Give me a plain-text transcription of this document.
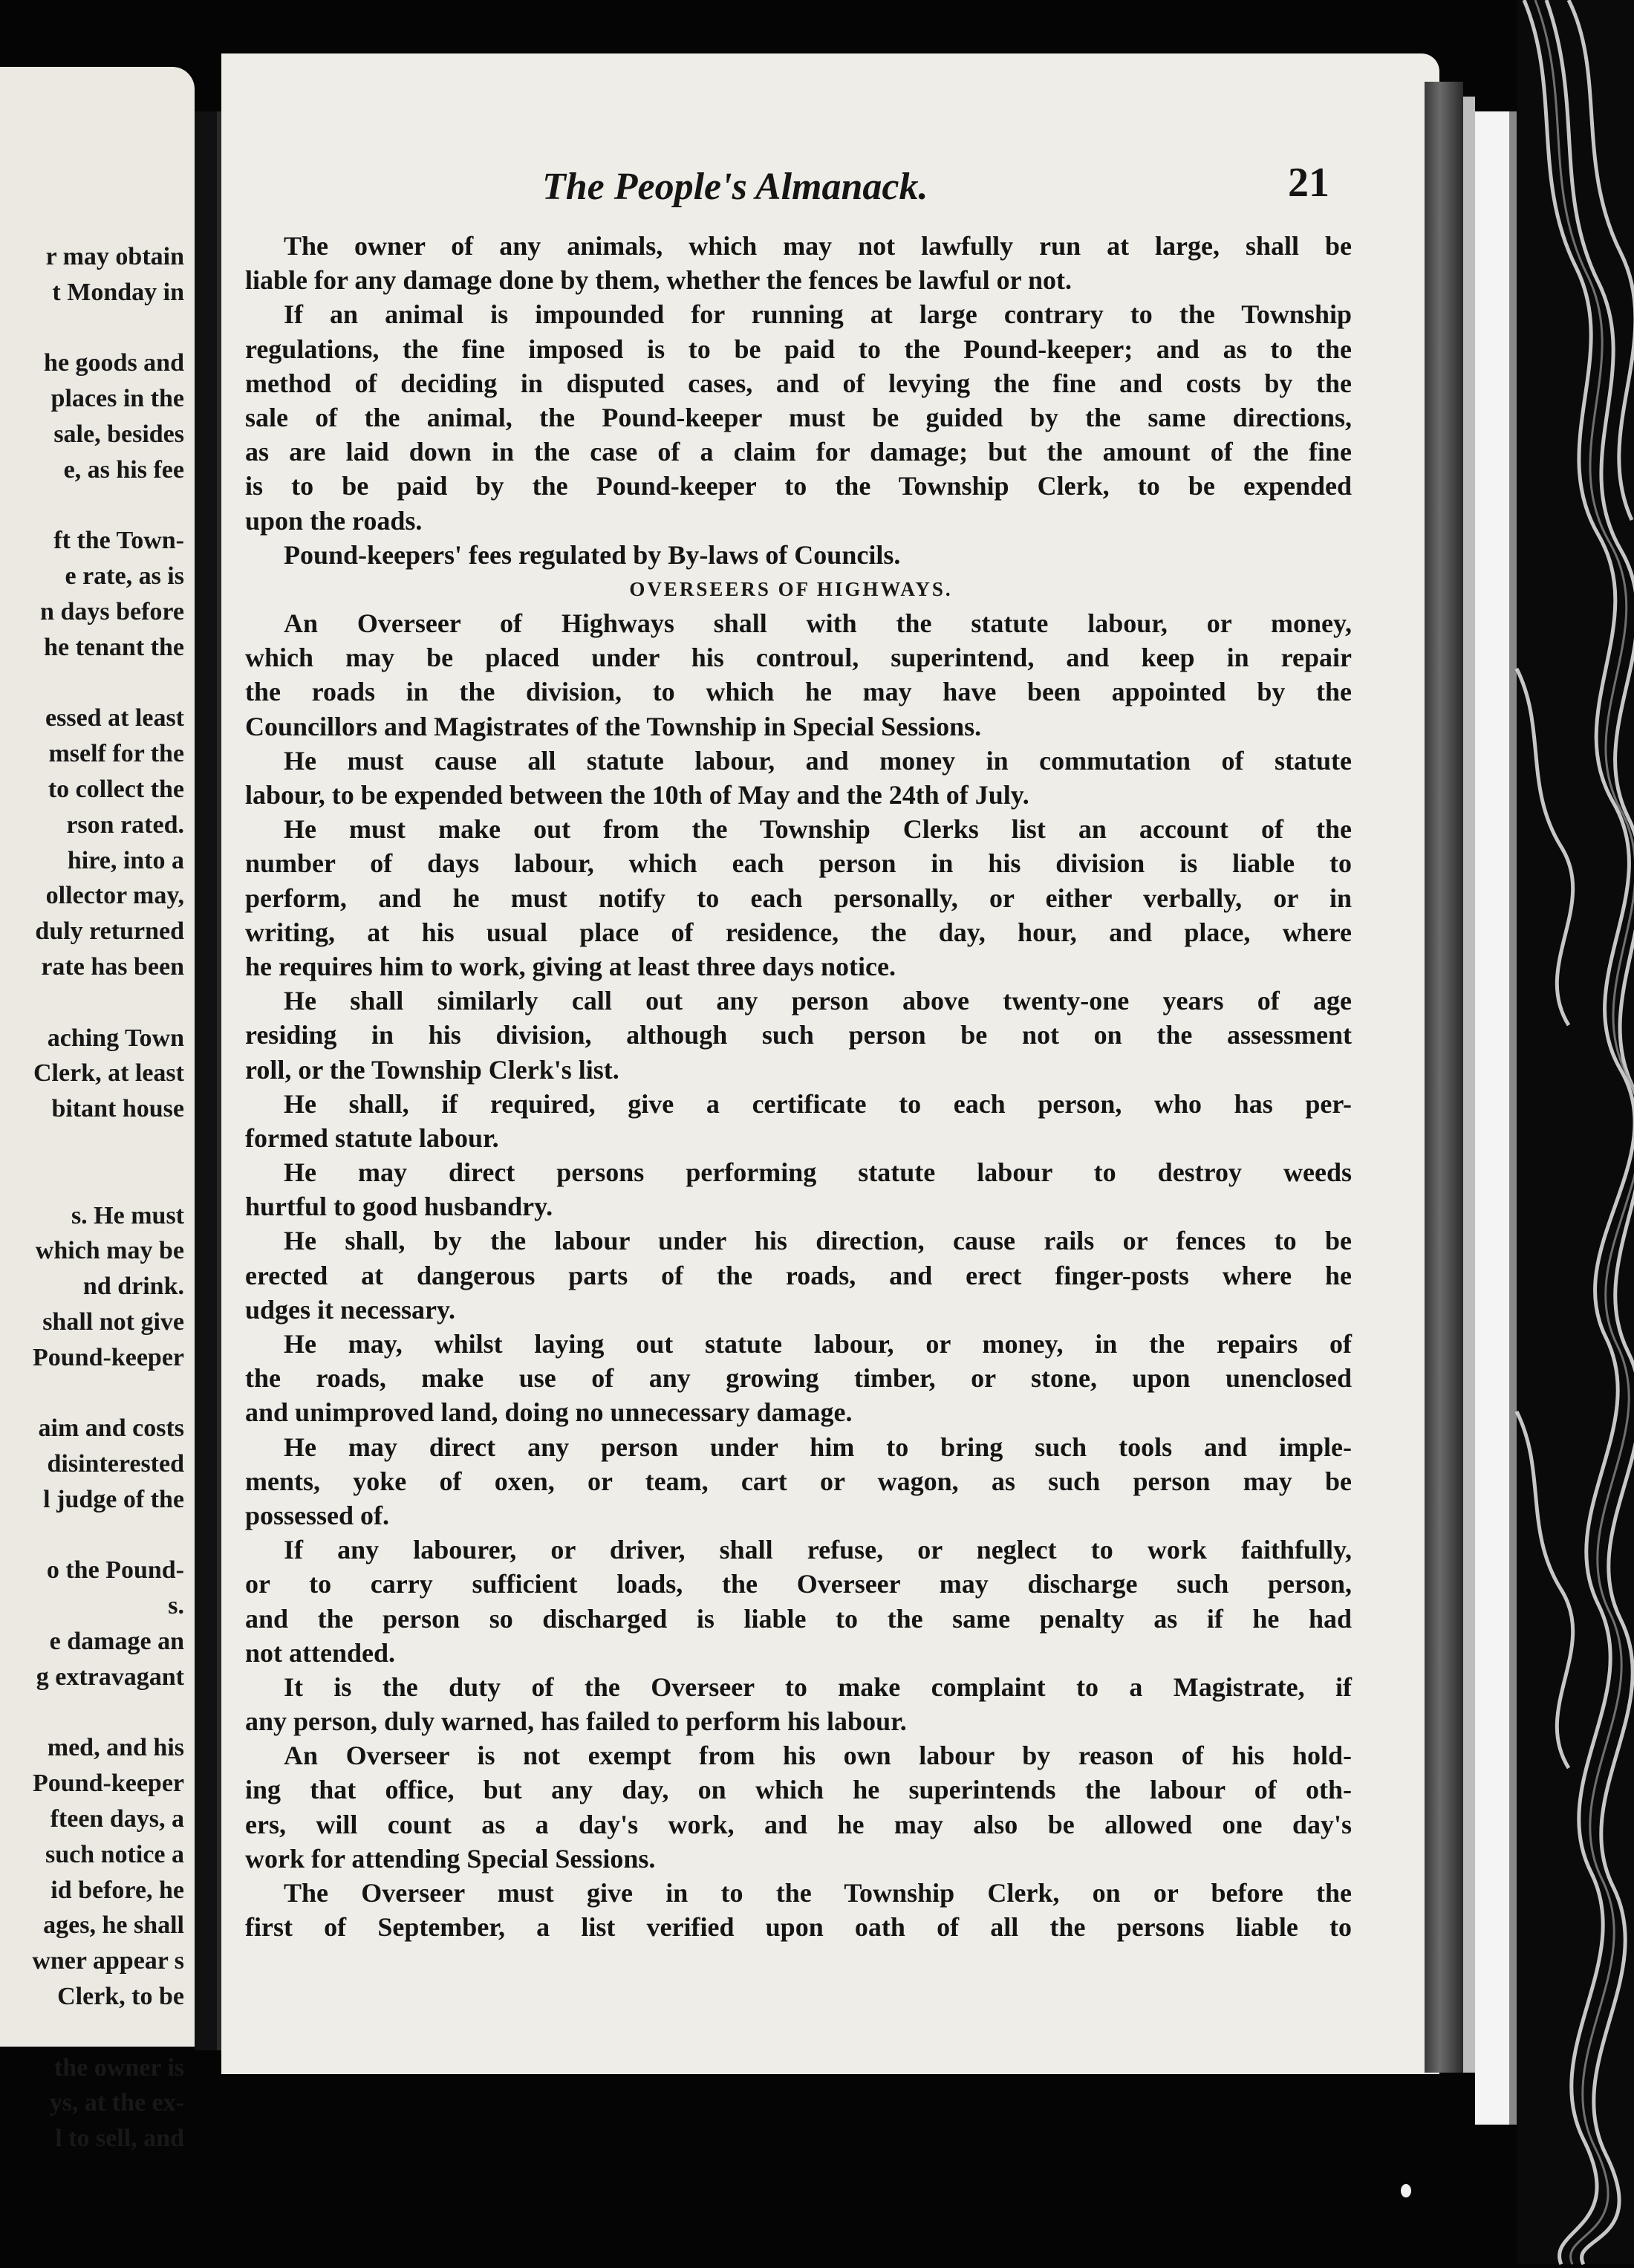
r may obtain
t Monday in
he goods and
places in the
sale, besides
e, as his fee
ft the Town-
e rate, as is
n days before
he tenant the
essed at least
mself for the
to collect the
rson rated.
hire, into a
ollector may,
duly returned
rate has been
aching Town
Clerk, at least
bitant house
s. He must
which may be
nd drink.
shall not give
Pound-keeper
aim and costs
disinterested
l judge of the
o the Pound-
s.
e damage an
g extravagant
med, and his
Pound-keeper
fteen days, a
such notice a
id before, he
ages, he shall
wner appear s
Clerk, to be
the owner is
ys, at the ex-
l to sell, and
The People's Almanack.	21
The owner of any animals, which may not lawfully run at large, shall be
liable for any damage done by them, whether the fences be lawful or not.
If an animal is impounded for running at large contrary to the Township
regulations, the fine imposed is to be paid to the Pound-keeper; and as to the
method of deciding in disputed cases, and of levying the fine and costs by the
sale of the animal, the Pound-keeper must be guided by the same directions,
as are laid down in the case of a claim for damage; but the amount of the fine
is to be paid by the Pound-keeper to the Township Clerk, to be expended
upon the roads.
Pound-keepers' fees regulated by By-laws of Councils.
OVERSEERS OF HIGHWAYS.
An Overseer of Highways shall with the statute labour, or money,
which may be placed under his controul, superintend, and keep in repair
the roads in the division, to which he may have been appointed by the
Councillors and Magistrates of the Township in Special Sessions.
He must cause all statute labour, and money in commutation of statute
labour, to be expended between the 10th of May and the 24th of July.
He must make out from the Township Clerks list an account of the
number of days labour, which each person in his division is liable to
perform, and he must notify to each personally, or either verbally, or in
writing, at his usual place of residence, the day, hour, and place, where
he requires him to work, giving at least three days notice.
He shall similarly call out any person above twenty-one years of age
residing in his division, although such person be not on the assessment
roll, or the Township Clerk's list.
He shall, if required, give a certificate to each person, who has per-
formed statute labour.
He may direct persons performing statute labour to destroy weeds
hurtful to good husbandry.
He shall, by the labour under his direction, cause rails or fences to be
erected at dangerous parts of the roads, and erect finger-posts where he
udges it necessary.
He may, whilst laying out statute labour, or money, in the repairs of
the roads, make use of any growing timber, or stone, upon unenclosed
and unimproved land, doing no unnecessary damage.
He may direct any person under him to bring such tools and imple-
ments, yoke of oxen, or team, cart or wagon, as such person may be
possessed of.
If any labourer, or driver, shall refuse, or neglect to work faithfully,
or to carry sufficient loads, the Overseer may discharge such person,
and the person so discharged is liable to the same penalty as if he had
not attended.
It is the duty of the Overseer to make complaint to a Magistrate, if
any person, duly warned, has failed to perform his labour.
An Overseer is not exempt from his own labour by reason of his hold-
ing that office, but any day, on which he superintends the labour of oth-
ers, will count as a day's work, and he may also be allowed one day's
work for attending Special Sessions.
The Overseer must give in to the Township Clerk, on or before the
first of September, a list verified upon oath of all the persons liable to
